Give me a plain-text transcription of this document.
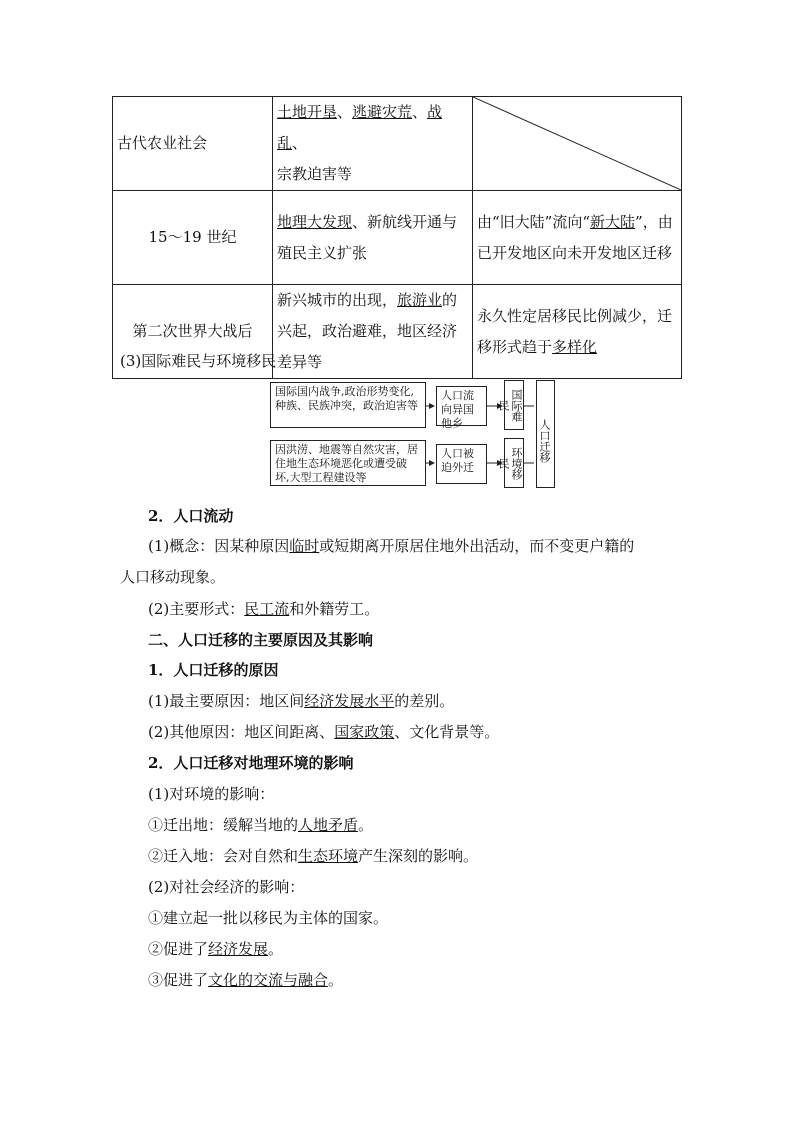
古代农业社会	土地开垦、逃避灾荒、战乱、
宗教迫害等	

15～19 世纪	地理大发现、新航线开通与殖民主义扩张	由“旧大陆”流向“新大陆”，由已开发地区向未开发地区迁移
第二次世界大战后	新兴城市的出现，旅游业的兴起，政治避难，地区经济差异等	永久性定居移民比例减少，迁移形式趋于多样化
(3)国际难民与环境移民
国际国内战争,政治形势变化,种族、民族冲突，政治迫害等
因洪涝、地震等自然灾害，居住地生态环境恶化或遭受破坏,大型工程建设等
人口流向异国他乡
人口被迫外迁
国际难民
环境移民
人口迁移
2．人口流动
(1)概念：因某种原因临时或短期离开原居住地外出活动，而不变更户籍的
人口移动现象。
(2)主要形式：民工流和外籍劳工。
二、人口迁移的主要原因及其影响
1．人口迁移的原因
(1)最主要原因：地区间经济发展水平的差别。
(2)其他原因：地区间距离、国家政策、文化背景等。
2．人口迁移对地理环境的影响
(1)对环境的影响：
①迁出地：缓解当地的人地矛盾。
②迁入地：会对自然和生态环境产生深刻的影响。
(2)对社会经济的影响：
①建立起一批以移民为主体的国家。
②促进了经济发展。
③促进了文化的交流与融合。
